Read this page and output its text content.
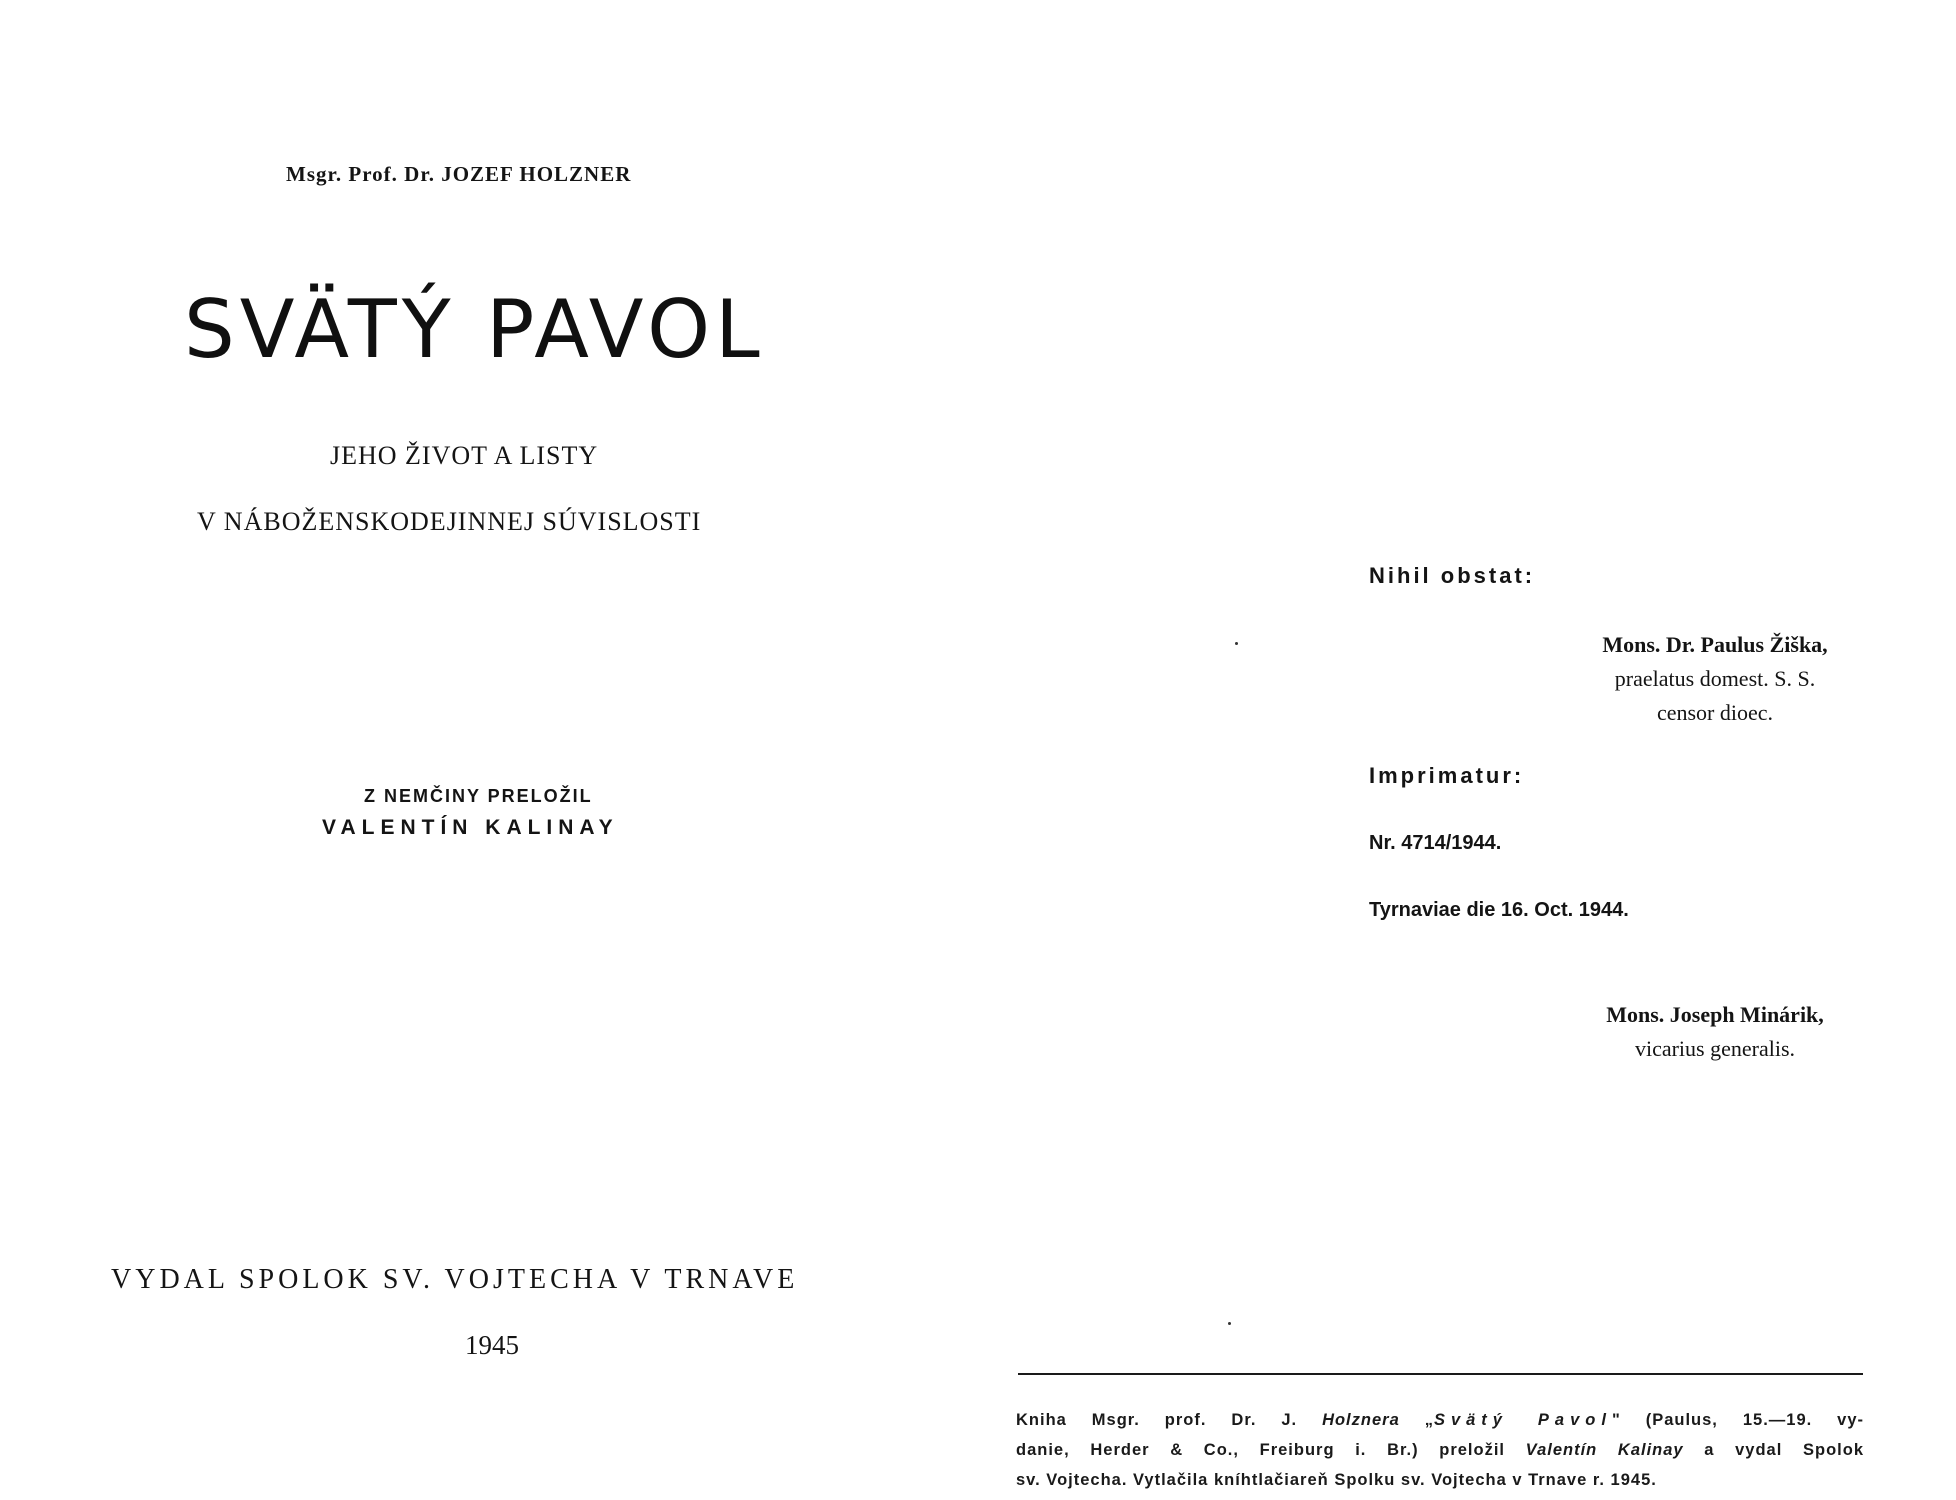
Msgr. Prof. Dr. JOZEF HOLZNER
SVÄTÝ PAVOL
JEHO ŽIVOT A LISTY
V NÁBOŽENSKODEJINNEJ SÚVISLOSTI
Z NEMČINY PRELOŽIL
VALENTÍN KALINAY
VYDAL SPOLOK SV. VOJTECHA V TRNAVE
1945
Nihil obstat:
Mons. Dr. Paulus Žiška,
praelatus domest. S. S.
censor dioec.
Imprimatur:
Nr. 4714/1944.
Tyrnaviae die 16. Oct. 1944.
Mons. Joseph Minárik,
vicarius generalis.
Kniha Msgr. prof. Dr. J. Holznera „Svätý Pavol" (Paulus, 15.—19. vy-
danie, Herder & Co., Freiburg i. Br.) preložil Valentín Kalinay a vydal Spolok
sv. Vojtecha. Vytlačila kníhtlačiareň Spolku sv. Vojtecha v Trnave r. 1945.
